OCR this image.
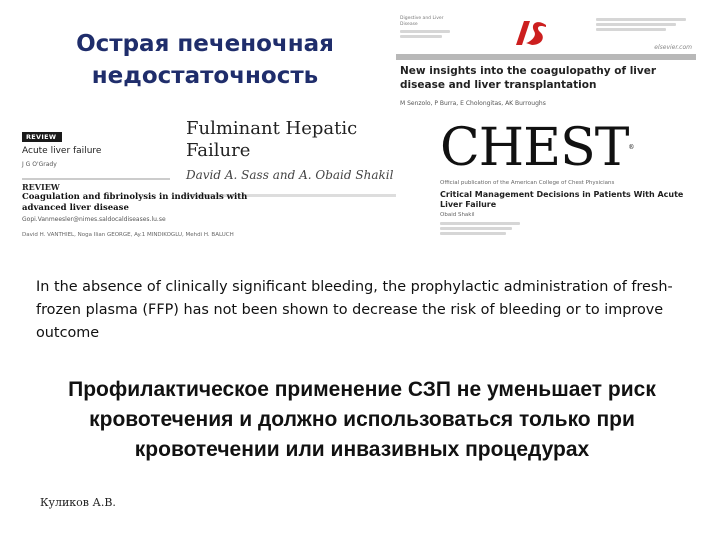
Острая печеночная недостаточность
Digestive and Liver Disease
elsevier.com
New insights into the coagulopathy of liver disease and liver transplantation
M Senzolo, P Burra, E Cholongitas, AK Burroughs
REVIEW
Acute liver failure
J G O'Grady
Fulminant Hepatic Failure
David A. Sass and A. Obaid Shakil
REVIEW
Coagulation and fibrinolysis in individuals with advanced liver disease
Gopi.Vanmeesler@nimes.saldocaldiseases.lu.se
David H. VANTHIEL, Noga Ilian GEORGE, Ay.1 MINDIKOGLU, Mehdi H. BALUCH
CHEST®
Official publication of the American College of Chest Physicians
Critical Management Decisions in Patients With Acute Liver Failure
Obaid Shakil
In the absence of clinically significant bleeding, the prophylactic administration of fresh-frozen plasma (FFP) has not been shown to decrease the risk of bleeding or to improve outcome
Профилактическое применение СЗП не уменьшает риск кровотечения и должно использоваться только при кровотечении или инвазивных процедурах
Куликов А.В.
